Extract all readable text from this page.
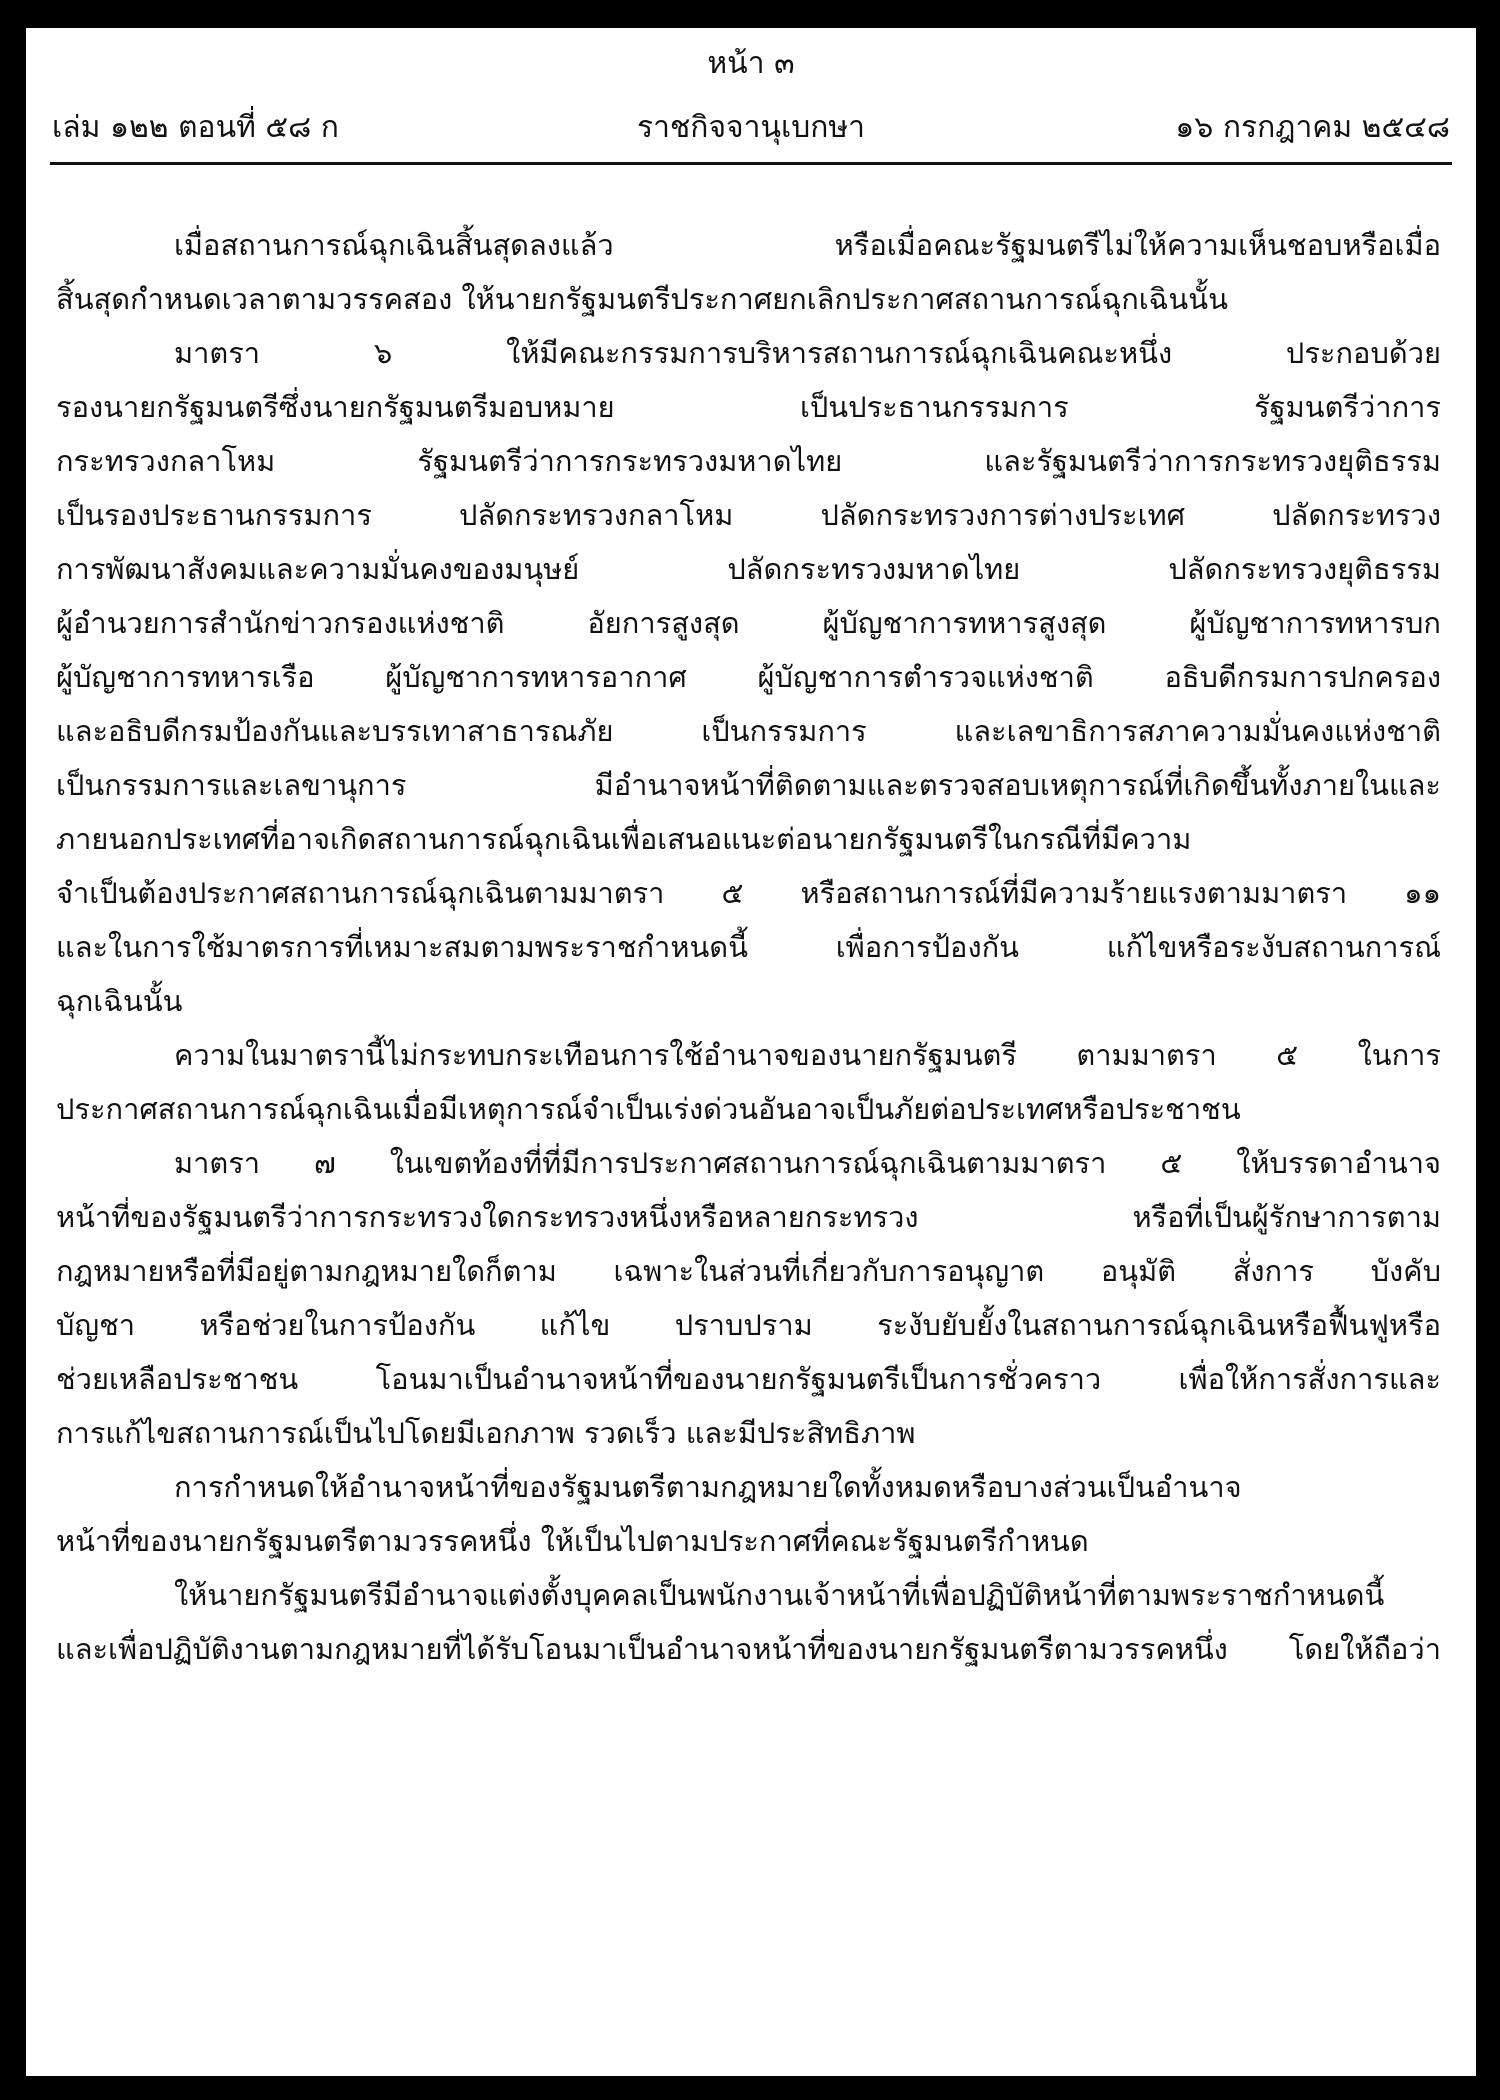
หน้า ๓
เล่ม ๑๒๒ ตอนที่ ๕๘ ก	ราชกิจจานุเบกษา	๑๖ กรกฎาคม ๒๕๔๘
เมื่อสถานการณ์ฉุกเฉินสิ้นสุดลงแล้ว หรือเมื่อคณะรัฐมนตรีไม่ให้ความเห็นชอบหรือเมื่อ
สิ้นสุดกำหนดเวลาตามวรรคสอง ให้นายกรัฐมนตรีประกาศยกเลิกประกาศสถานการณ์ฉุกเฉินนั้น
มาตรา ๖ ให้มีคณะกรรมการบริหารสถานการณ์ฉุกเฉินคณะหนึ่ง ประกอบด้วย
รองนายกรัฐมนตรีซึ่งนายกรัฐมนตรีมอบหมาย เป็นประธานกรรมการ รัฐมนตรีว่าการ
กระทรวงกลาโหม รัฐมนตรีว่าการกระทรวงมหาดไทย และรัฐมนตรีว่าการกระทรวงยุติธรรม
เป็นรองประธานกรรมการ ปลัดกระทรวงกลาโหม ปลัดกระทรวงการต่างประเทศ ปลัดกระทรวง
การพัฒนาสังคมและความมั่นคงของมนุษย์ ปลัดกระทรวงมหาดไทย ปลัดกระทรวงยุติธรรม
ผู้อำนวยการสำนักข่าวกรองแห่งชาติ อัยการสูงสุด ผู้บัญชาการทหารสูงสุด ผู้บัญชาการทหารบก
ผู้บัญชาการทหารเรือ ผู้บัญชาการทหารอากาศ ผู้บัญชาการตำรวจแห่งชาติ อธิบดีกรมการปกครอง
และอธิบดีกรมป้องกันและบรรเทาสาธารณภัย เป็นกรรมการ และเลขาธิการสภาความมั่นคงแห่งชาติ
เป็นกรรมการและเลขานุการ มีอำนาจหน้าที่ติดตามและตรวจสอบเหตุการณ์ที่เกิดขึ้นทั้งภายในและ
ภายนอกประเทศที่อาจเกิดสถานการณ์ฉุกเฉินเพื่อเสนอแนะต่อนายกรัฐมนตรีในกรณีที่มีความ
จำเป็นต้องประกาศสถานการณ์ฉุกเฉินตามมาตรา ๕ หรือสถานการณ์ที่มีความร้ายแรงตามมาตรา ๑๑
และในการใช้มาตรการที่เหมาะสมตามพระราชกำหนดนี้ เพื่อการป้องกัน แก้ไขหรือระงับสถานการณ์
ฉุกเฉินนั้น
ความในมาตรานี้ไม่กระทบกระเทือนการใช้อำนาจของนายกรัฐมนตรี ตามมาตรา ๕ ในการ
ประกาศสถานการณ์ฉุกเฉินเมื่อมีเหตุการณ์จำเป็นเร่งด่วนอันอาจเป็นภัยต่อประเทศหรือประชาชน
มาตรา ๗ ในเขตท้องที่ที่มีการประกาศสถานการณ์ฉุกเฉินตามมาตรา ๕ ให้บรรดาอำนาจ
หน้าที่ของรัฐมนตรีว่าการกระทรวงใดกระทรวงหนึ่งหรือหลายกระทรวง หรือที่เป็นผู้รักษาการตาม
กฎหมายหรือที่มีอยู่ตามกฎหมายใดก็ตาม เฉพาะในส่วนที่เกี่ยวกับการอนุญาต อนุมัติ สั่งการ บังคับ
บัญชา หรือช่วยในการป้องกัน แก้ไข ปราบปราม ระงับยับยั้งในสถานการณ์ฉุกเฉินหรือฟื้นฟูหรือ
ช่วยเหลือประชาชน โอนมาเป็นอำนาจหน้าที่ของนายกรัฐมนตรีเป็นการชั่วคราว เพื่อให้การสั่งการและ
การแก้ไขสถานการณ์เป็นไปโดยมีเอกภาพ รวดเร็ว และมีประสิทธิภาพ
การกำหนดให้อำนาจหน้าที่ของรัฐมนตรีตามกฎหมายใดทั้งหมดหรือบางส่วนเป็นอำนาจ
หน้าที่ของนายกรัฐมนตรีตามวรรคหนึ่ง ให้เป็นไปตามประกาศที่คณะรัฐมนตรีกำหนด
ให้นายกรัฐมนตรีมีอำนาจแต่งตั้งบุคคลเป็นพนักงานเจ้าหน้าที่เพื่อปฏิบัติหน้าที่ตามพระราชกำหนดนี้
และเพื่อปฏิบัติงานตามกฎหมายที่ได้รับโอนมาเป็นอำนาจหน้าที่ของนายกรัฐมนตรีตามวรรคหนึ่ง โดยให้ถือว่า
